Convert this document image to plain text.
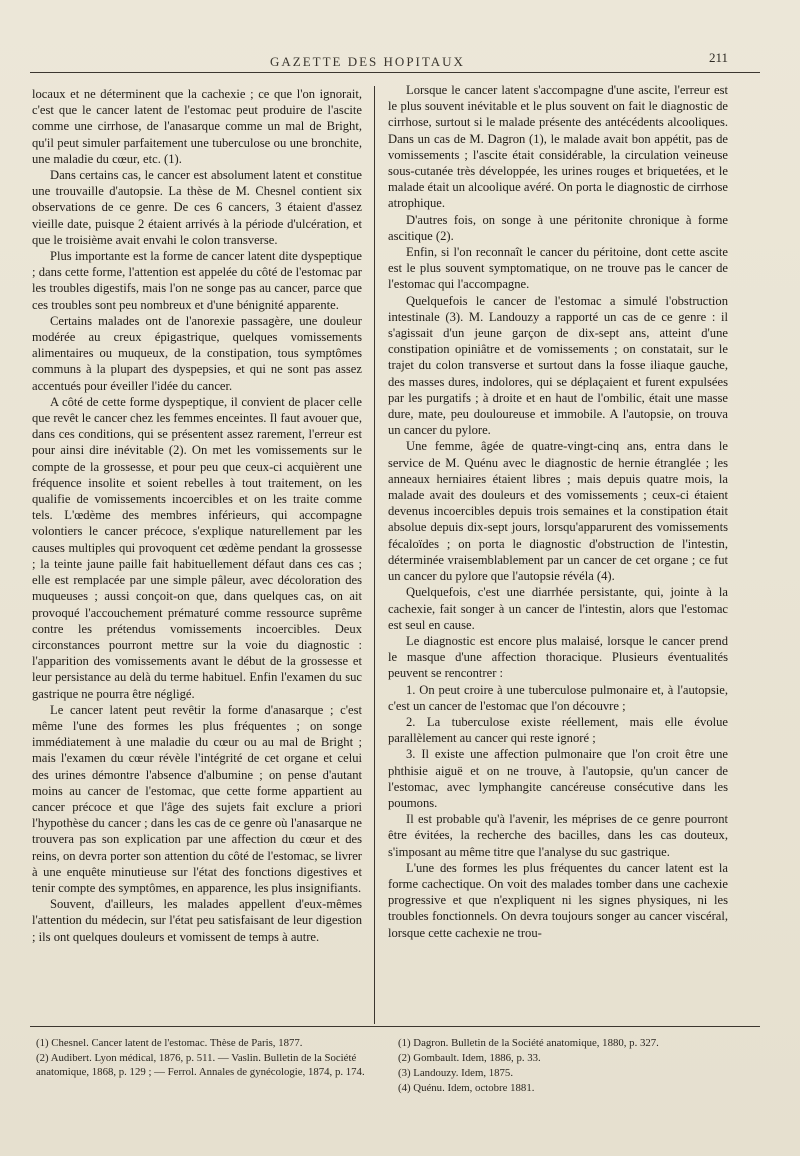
GAZETTE DES HOPITAUX	211

locaux et ne déterminent que la cachexie ; ce que l'on ignorait, c'est que le cancer latent de l'estomac peut produire de l'ascite comme une cirrhose, de l'anasarque comme un mal de Bright, qu'il peut simuler parfaitement une tuberculose ou une bronchite, une maladie du cœur, etc. (1).

Dans certains cas, le cancer est absolument latent et constitue une trouvaille d'autopsie. La thèse de M. Chesnel contient six observations de ce genre. De ces 6 cancers, 3 étaient d'assez vieille date, puisque 2 étaient arrivés à la période d'ulcération, et que le troisième avait envahi le colon transverse.

Plus importante est la forme de cancer latent dite dyspeptique ; dans cette forme, l'attention est appelée du côté de l'estomac par les troubles digestifs, mais l'on ne songe pas au cancer, parce que ces troubles sont peu nombreux et d'une bénignité apparente.

Certains malades ont de l'anorexie passagère, une douleur modérée au creux épigastrique, quelques vomissements alimentaires ou muqueux, de la constipation, tous symptômes communs à la plupart des dyspepsies, et qui ne sont pas assez accentués pour éveiller l'idée du cancer.

A côté de cette forme dyspeptique, il convient de placer celle que revêt le cancer chez les femmes enceintes. Il faut avouer que, dans ces conditions, qui se présentent assez rarement, l'erreur est pour ainsi dire inévitable (2). On met les vomissements sur le compte de la grossesse, et pour peu que ceux-ci acquièrent une fréquence insolite et soient rebelles à tout traitement, on les qualifie de vomissements incoercibles et on les traite comme tels. L'œdème des membres inférieurs, qui accompagne volontiers le cancer précoce, s'explique naturellement par les causes multiples qui provoquent cet œdème pendant la grossesse ; la teinte jaune paille fait habituellement défaut dans ces cas ; elle est remplacée par une simple pâleur, avec décoloration des muqueuses ; aussi conçoit-on que, dans quelques cas, on ait provoqué l'accouchement prématuré comme ressource suprême contre les prétendus vomissements incoercibles. Deux circonstances pourront mettre sur la voie du diagnostic : l'apparition des vomissements avant le début de la grossesse et leur persistance au delà du terme habituel. Enfin l'examen du suc gastrique ne pourra être négligé.

Le cancer latent peut revêtir la forme d'anasarque ; c'est même l'une des formes les plus fréquentes ; on songe immédiatement à une maladie du cœur ou au mal de Bright ; mais l'examen du cœur révèle l'intégrité de cet organe et celui des urines démontre l'absence d'albumine ; on pense d'autant moins au cancer de l'estomac, que cette forme appartient au cancer précoce et que l'âge des sujets fait exclure a priori l'hypothèse du cancer ; dans les cas de ce genre où l'anasarque ne trouvera pas son explication par une affection du cœur et des reins, on devra porter son attention du côté de l'estomac, se livrer à une enquête minutieuse sur l'état des fonctions digestives et tenir compte des symptômes, en apparence, les plus insignifiants.

Souvent, d'ailleurs, les malades appellent d'eux-mêmes l'attention du médecin, sur l'état peu satisfaisant de leur digestion ; ils ont quelques douleurs et vomissent de temps à autre.

Lorsque le cancer latent s'accompagne d'une ascite, l'erreur est le plus souvent inévitable et le plus souvent on fait le diagnostic de cirrhose, surtout si le malade présente des antécédents alcooliques. Dans un cas de M. Dagron (1), le malade avait bon appétit, pas de vomissements ; l'ascite était considérable, la circulation veineuse sous-cutanée très développée, les urines rouges et briquetées, et le malade était un alcoolique avéré. On porta le diagnostic de cirrhose atrophique.

D'autres fois, on songe à une péritonite chronique à forme ascitique (2).

Enfin, si l'on reconnaît le cancer du péritoine, dont cette ascite est le plus souvent symptomatique, on ne trouve pas le cancer de l'estomac qui l'accompagne.

Quelquefois le cancer de l'estomac a simulé l'obstruction intestinale (3). M. Landouzy a rapporté un cas de ce genre : il s'agissait d'un jeune garçon de dix-sept ans, atteint d'une constipation opiniâtre et de vomissements ; on constatait, sur le trajet du colon transverse et surtout dans la fosse iliaque gauche, des masses dures, indolores, qui se déplaçaient et furent expulsées par les purgatifs ; à droite et en haut de l'ombilic, était une masse dure, mate, peu douloureuse et immobile. A l'autopsie, on trouva un cancer du pylore.

Une femme, âgée de quatre-vingt-cinq ans, entra dans le service de M. Quénu avec le diagnostic de hernie étranglée ; les anneaux herniaires étaient libres ; mais depuis quatre mois, la malade avait des douleurs et des vomissements ; ceux-ci étaient devenus incoercibles depuis trois semaines et la constipation était absolue depuis dix-sept jours, lorsqu'apparurent des vomissements fécaloïdes ; on porta le diagnostic d'obstruction de l'intestin, déterminée vraisemblablement par un cancer de cet organe ; ce fut un cancer du pylore que l'autopsie révéla (4).

Quelquefois, c'est une diarrhée persistante, qui, jointe à la cachexie, fait songer à un cancer de l'intestin, alors que l'estomac est seul en cause.

Le diagnostic est encore plus malaisé, lorsque le cancer prend le masque d'une affection thoracique. Plusieurs éventualités peuvent se rencontrer :

1. On peut croire à une tuberculose pulmonaire et, à l'autopsie, c'est un cancer de l'estomac que l'on découvre ;

2. La tuberculose existe réellement, mais elle évolue parallèlement au cancer qui reste ignoré ;

3. Il existe une affection pulmonaire que l'on croit être une phthisie aiguë et on ne trouve, à l'autopsie, qu'un cancer de l'estomac, avec lymphangite cancéreuse consécutive dans les poumons.

Il est probable qu'à l'avenir, les méprises de ce genre pourront être évitées, la recherche des bacilles, dans les cas douteux, s'imposant au même titre que l'analyse du suc gastrique.

L'une des formes les plus fréquentes du cancer latent est la forme cachectique. On voit des malades tomber dans une cachexie progressive et que n'expliquent ni les signes physiques, ni les troubles fonctionnels. On devra toujours songer au cancer viscéral, lorsque cette cachexie ne trou-

(1) Chesnel. Cancer latent de l'estomac. Thèse de Paris, 1877.

(2) Audibert. Lyon médical, 1876, p. 511. — Vaslin. Bulletin de la Société anatomique, 1868, p. 129 ; — Ferrol. Annales de gynécologie, 1874, p. 174.

(1) Dagron. Bulletin de la Société anatomique, 1880, p. 327.

(2) Gombault. Idem, 1886, p. 33.

(3) Landouzy. Idem, 1875.

(4) Quénu. Idem, octobre 1881.
